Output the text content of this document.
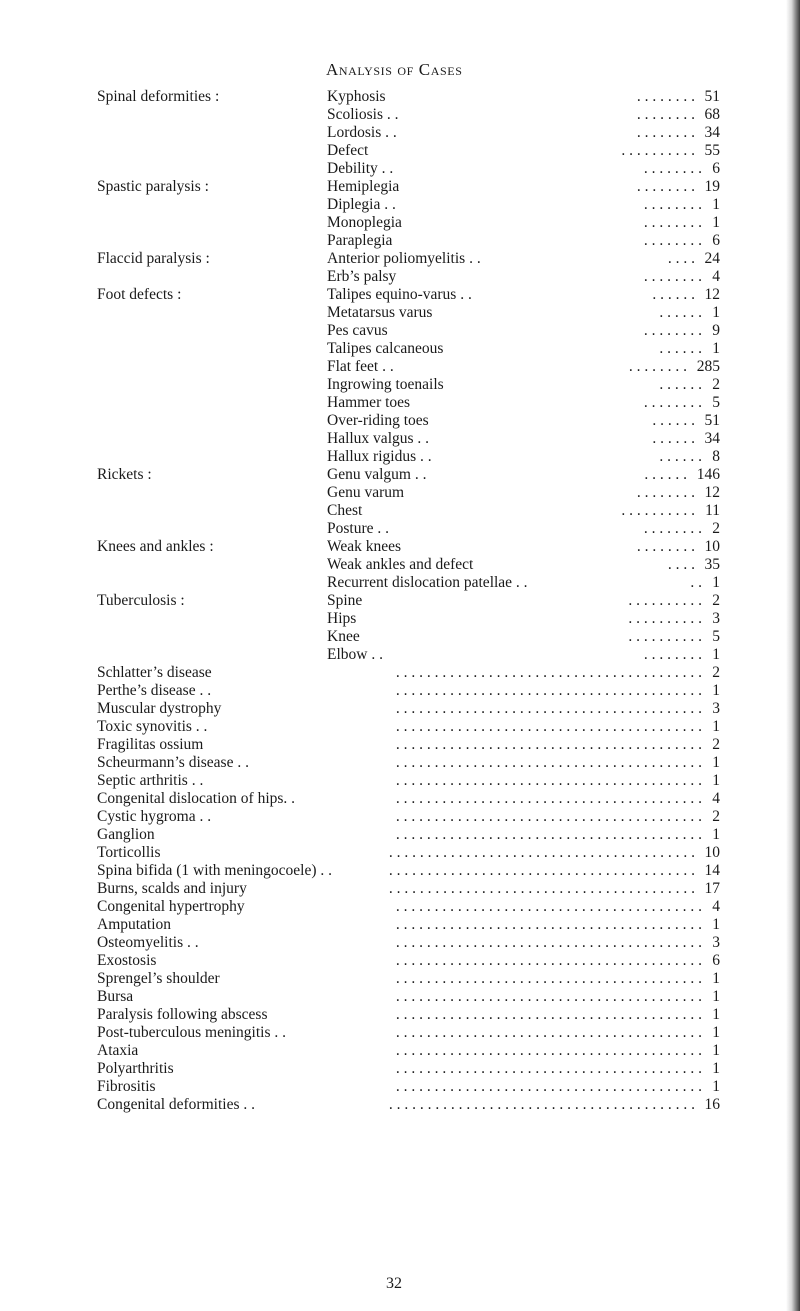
Analysis of Cases
Spinal deformities :	Kyphosis	. . . . . . . . 51
Scoliosis . .	. . . . . . . . 68
Lordosis . .	. . . . . . . . 34
Defect	. . . . . . . . . . 55
Debility . .	. . . . . . . . 6
Spastic paralysis :	Hemiplegia	. . . . . . . . 19
Diplegia . .	. . . . . . . . 1
Monoplegia	. . . . . . . . 1
Paraplegia	. . . . . . . . 6
Flaccid paralysis :	Anterior poliomyelitis . .	. . . . 24
Erb’s palsy	. . . . . . . . 4
Foot defects :	Talipes equino-varus . .	. . . . . . 12
Metatarsus varus	. . . . . . 1
Pes cavus	. . . . . . . . 9
Talipes calcaneous	. . . . . . 1
Flat feet . .	. . . . . . . . 285
Ingrowing toenails	. . . . . . 2
Hammer toes	. . . . . . . . 5
Over-riding toes	. . . . . . 51
Hallux valgus . .	. . . . . . 34
Hallux rigidus . .	. . . . . . 8
Rickets :	Genu valgum . .	. . . . . . 146
Genu varum	. . . . . . . . 12
Chest	. . . . . . . . . . 11
Posture . .	. . . . . . . . 2
Knees and ankles :	Weak knees	. . . . . . . . 10
Weak ankles and defect	. . . . 35
Recurrent dislocation patellae . .	. . 1
Tuberculosis :	Spine	. . . . . . . . . . 2
Hips	. . . . . . . . . . 3
Knee	. . . . . . . . . . 5
Elbow . .	. . . . . . . . 1
Schlatter’s disease	. . . . . . . . . . . . . . . . . . . . . . . . . . . . . . . . . . . . . . . . 2
Perthe’s disease . .	. . . . . . . . . . . . . . . . . . . . . . . . . . . . . . . . . . . . . . . . 1
Muscular dystrophy	. . . . . . . . . . . . . . . . . . . . . . . . . . . . . . . . . . . . . . . . 3
Toxic synovitis . .	. . . . . . . . . . . . . . . . . . . . . . . . . . . . . . . . . . . . . . . . 1
Fragilitas ossium	. . . . . . . . . . . . . . . . . . . . . . . . . . . . . . . . . . . . . . . . 2
Scheurmann’s disease . .	. . . . . . . . . . . . . . . . . . . . . . . . . . . . . . . . . . . . . . . . 1
Septic arthritis . .	. . . . . . . . . . . . . . . . . . . . . . . . . . . . . . . . . . . . . . . . 1
Congenital dislocation of hips. .	. . . . . . . . . . . . . . . . . . . . . . . . . . . . . . . . . . . . . . . . 4
Cystic hygroma . .	. . . . . . . . . . . . . . . . . . . . . . . . . . . . . . . . . . . . . . . . 2
Ganglion	. . . . . . . . . . . . . . . . . . . . . . . . . . . . . . . . . . . . . . . . 1
Torticollis	. . . . . . . . . . . . . . . . . . . . . . . . . . . . . . . . . . . . . . . . 10
Spina bifida (1 with meningocoele) . .	. . . . . . . . . . . . . . . . . . . . . . . . . . . . . . . . . . . . . . . . 14
Burns, scalds and injury	. . . . . . . . . . . . . . . . . . . . . . . . . . . . . . . . . . . . . . . . 17
Congenital hypertrophy	. . . . . . . . . . . . . . . . . . . . . . . . . . . . . . . . . . . . . . . . 4
Amputation	. . . . . . . . . . . . . . . . . . . . . . . . . . . . . . . . . . . . . . . . 1
Osteomyelitis . .	. . . . . . . . . . . . . . . . . . . . . . . . . . . . . . . . . . . . . . . . 3
Exostosis	. . . . . . . . . . . . . . . . . . . . . . . . . . . . . . . . . . . . . . . . 6
Sprengel’s shoulder	. . . . . . . . . . . . . . . . . . . . . . . . . . . . . . . . . . . . . . . . 1
Bursa	. . . . . . . . . . . . . . . . . . . . . . . . . . . . . . . . . . . . . . . . 1
Paralysis following abscess	. . . . . . . . . . . . . . . . . . . . . . . . . . . . . . . . . . . . . . . . 1
Post-tuberculous meningitis . .	. . . . . . . . . . . . . . . . . . . . . . . . . . . . . . . . . . . . . . . . 1
Ataxia	. . . . . . . . . . . . . . . . . . . . . . . . . . . . . . . . . . . . . . . . 1
Polyarthritis	. . . . . . . . . . . . . . . . . . . . . . . . . . . . . . . . . . . . . . . . 1
Fibrositis	. . . . . . . . . . . . . . . . . . . . . . . . . . . . . . . . . . . . . . . . 1
Congenital deformities . .	. . . . . . . . . . . . . . . . . . . . . . . . . . . . . . . . . . . . . . . . 16
32
